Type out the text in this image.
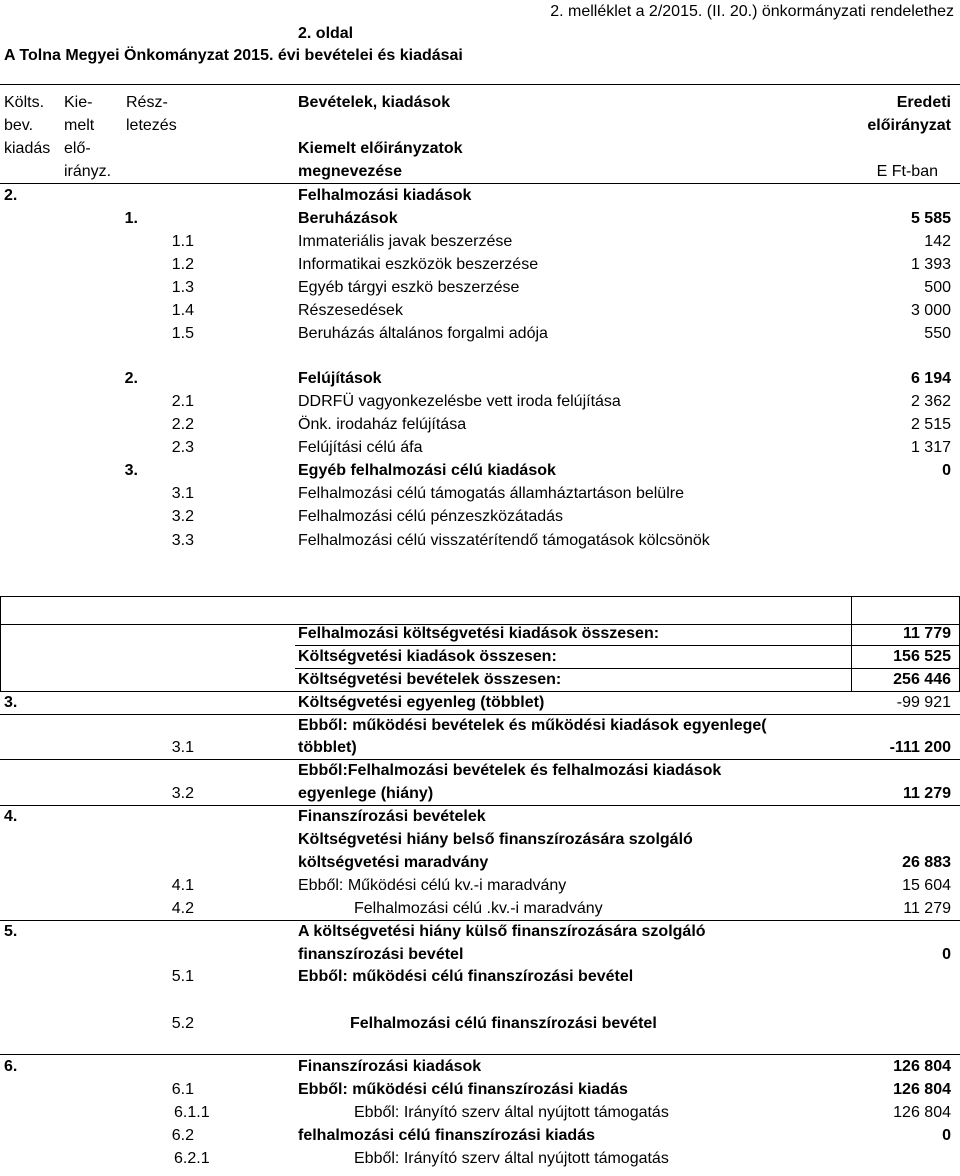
2. melléklet a 2/2015. (II. 20.) önkormányzati rendelethez
2. oldal
A Tolna Megyei Önkományzat 2015. évi bevételei és kiadásai
Költs.
bev.
kiadás
Kie-
melt
elő-
irányz.
Rész-
letezés
Bevételek, kiadások
Kiemelt előirányzatok
megnevezése
Eredeti
előirányzat
E Ft-ban
2.	Felhalmozási kiadások
1.	Beruházások	5 585
1.1	Immateriális javak beszerzése	142
1.2	Informatikai eszközök beszerzése	1 393
1.3	Egyéb tárgyi eszkö beszerzése	500
1.4	Részesedések	3 000
1.5	Beruházás általános forgalmi adója	550
2.	Felújítások	6 194
2.1	DDRFÜ vagyonkezelésbe vett iroda felújítása	2 362
2.2	Önk. irodaház felújítása	2 515
2.3	Felújítási célú áfa	1 317
3.	Egyéb felhalmozási célú kiadások	0
3.1	Felhalmozási célú támogatás államháztartáson belülre
3.2	Felhalmozási célú pénzeszközátadás
3.3	Felhalmozási célú visszatérítendő támogatások kölcsönök
Felhalmozási költségvetési kiadások összesen:	11 779
Költségvetési kiadások összesen:	156 525
Költségvetési bevételek összesen:	256 446
3.	Költségvetési egyenleg (többlet)	-99 921
Ebből: működési bevételek és működési kiadások egyenlege(
3.1	többlet)	-111 200
Ebből:Felhalmozási bevételek és felhalmozási kiadások
3.2	egyenlege (hiány)	11 279
4.	Finanszírozási bevételek
Költségvetési hiány belső finanszírozására szolgáló
költségvetési maradvány	26 883
4.1	Ebből: Működési célú kv.-i maradvány	15 604
4.2	Felhalmozási célú .kv.-i maradvány	11 279
5.	A költségvetési hiány külső finanszírozására szolgáló
finanszírozási bevétel	0
5.1	Ebből: működési célú finanszírozási bevétel
5.2	Felhalmozási célú finanszírozási bevétel
6.	Finanszírozási kiadások	126 804
6.1	Ebből: működési célú finanszírozási kiadás	126 804
6.1.1	Ebből: Irányító szerv által nyújtott támogatás	126 804
6.2	felhalmozási célú finanszírozási kiadás	0
6.2.1	Ebből: Irányító szerv által nyújtott támogatás
